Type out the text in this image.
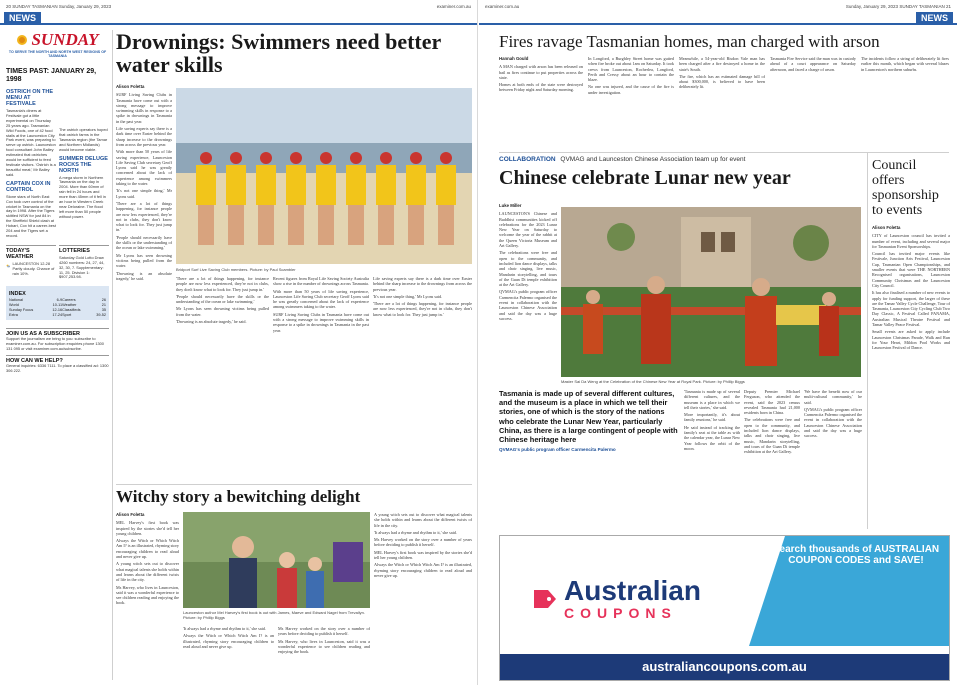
20 SUNDAY TASMANIAN Sunday, January 29, 2023	examiner.com.au
NEWS
SUNDAY
TO SERVE THE NORTH AND NORTH WEST REGIONS OF TASMANIA
TIMES PAST: JANUARY 29, 1998
OSTRICH ON THE MENU AT FESTIVALE
Tasmania's diners at Festivale got a little experimental on Thursday 25 years ago. Tasmanian Wild Foods, one of 42 food stalls at the Launceston City Park event, was preparing to serve up ostrich. Launceston food consultant John Bailey estimated that ostriches would be sufficient to feed festivale visitors. 'Ostrich is a beautiful meat,' Mr Bailey said.
CAPTAIN COX IN CONTROL
Stone stars of North East Cox took over control of the cricket in Tasmania on the day in 1998. After the Tigers skittled NSW for just 84 in the Sheffield Shield clash at Hobart, Cox hit a career-best 204 and the Tigers set a record.
The ostrich operators hoped that ostrich farms in the Tasmania region (the Tamar and Northern Midlands) would become viable.
SUMMER DELUGE ROCKS THE NORTH
A mega storm in Northern Tasmania on the day in 2004. More than 60mm of rain fell in 24 hours and more than 45mm of it fell in an hour in Western Creek near Deloraine. The flood left more than 50 people without power.
TODAY'S WEATHER
LAUNCESTON 12-28 Partly cloudy. Chance of rain 10%.
LOTTERIES
Saturday Gold Lotto Draw 4260 numbers: 24, 27, 44, 32, 30, 7. Supplementary: 11, 25. Division 1: $907,253.98.
INDEX
National	6-9	Careers	26
World	10-11	Weather	21
Sunday Focus	12-16	Classifieds	35
Extra	17-24	Sport	39-52
JOIN US AS A SUBSCRIBER
Support the journalism we bring to you: subscribe to examiner.com.au. For subscription enquiries phone 1300 131 095 or visit examiner.com.au/subscribe.
HOW CAN WE HELP?
General inquiries: 6336 7111. To place a classified ad: 1300 306 222.
Drownings: Swimmers need better water skills
Alison Foletta

SURF Living Saving Clubs in Tasmania have come out with a strong message to improve swimming skills in response to a spike in drownings in Tasmania in the past year.

Life saving experts say there is a dark time over Easter behind the sharp increase to the drownings from across the previous year.

With more than 50 years of life saving experience, Launceston Life Saving Club secretary Geoff Lyons said he was greatly concerned about the lack of experience among swimmers taking to the water.

'It's not one simple thing,' Mr Lyons said.

'There are a lot of things happening, for instance people are now less experienced, they're not in clubs, they don't know what to look for. They just jump in.'

'People should necessarily have the skills or the understanding of the ocean or lake swimming.'

Mr Lyons has seen drowning victims being pulled from the water.

'Drowning is an absolute tragedy,' he said.

Bridport Surf Live Saving Club members. Picture: by Paul Scambler

'There are a lot of things happening, for instance people are now less experienced, they're not in clubs, they don't know what to look for. They just jump in.'

'People should necessarily have the skills or the understanding of the ocean or lake swimming.'

Mr Lyons has seen drowning victims being pulled from the water.

'Drowning is an absolute tragedy,' he said.

Recent figures from Royal Life Saving Society Australia show a rise in the number of drownings across Tasmania.

With more than 50 years of life saving experience, Launceston Life Saving Club secretary Geoff Lyons said he was greatly concerned about the lack of experience among swimmers taking to the water.

SURF Living Saving Clubs in Tasmania have come out with a strong message to improve swimming skills in response to a spike in drownings in Tasmania in the past year.

Life saving experts say there is a dark time over Easter behind the sharp increase to the drownings from across the previous year.

'It's not one simple thing,' Mr Lyons said.

'There are a lot of things happening, for instance people are now less experienced, they're not in clubs, they don't know what to look for. They just jump in.'

Witchy story a bewitching delight
Alison Foletta

MEL Harvey's first book was inspired by the stories she'd tell her young children.

Always the Witch or Which Witch Am I? is an illustrated, rhyming story encouraging children to read aloud and never give up.

A young witch sets out to discover what magical talents she holds within and learns about the different twists of life in the city.

Ms Harvey, who lives in Launceston, said it was a wonderful experience to see children reading and enjoying the book.

Launceston author Mel Harvey's first book is out with James, Maeve and Edward Nagel from Trevallyn. Picture: by Phillip Biggs

'It always had a rhyme and rhythm to it,' she said.

Always the Witch or Which Witch Am I? is an illustrated, rhyming story encouraging children to read aloud and never give up.

Ms Harvey worked on the story over a number of years before deciding to publish it herself.

Ms Harvey, who lives in Launceston, said it was a wonderful experience to see children reading and enjoying the book.

A young witch sets out to discover what magical talents she holds within and learns about the different twists of life in the city.

'It always had a rhyme and rhythm to it,' she said.

Ms Harvey worked on the story over a number of years before deciding to publish it herself.

MEL Harvey's first book was inspired by the stories she'd tell her young children.

Always the Witch or Which Witch Am I? is an illustrated, rhyming story encouraging children to read aloud and never give up.

examiner.com.au	Sunday, January 29, 2023 SUNDAY TASMANIAN 21
NEWS
Fires ravage Tasmanian homes, man charged with arson
Hannah Gould

A MAN charged with arson has been released on bail as fires continue to put properties across the state.

Homes at both ends of the state were destroyed between Friday night and Saturday morning.

In Longford, a Burghley Street home was gutted when fire broke out about 1am on Saturday. It took crews from Launceston, Rocherlea, Longford, Perth and Cressy about an hour to contain the blaze.

No one was injured, and the cause of the fire is under investigation.

Meanwhile, a 54-year-old Risdon Vale man has been charged after a fire destroyed a home in the state's South.

The fire, which has an estimated damage bill of about $300,000, is believed to have been deliberately lit.

Tasmania Fire Service said the man was in custody ahead of a court appearance on Saturday afternoon, and faced a charge of arson.

The incidents follow a string of deliberately lit fires earlier this month, which began with several blazes in Launceston's northern suburbs.

COLLABORATION QVMAG and Launceston Chinese Association team up for event
Chinese celebrate Lunar new year
Luke Miller

LAUNCESTON'S Chinese and Buddhist communities kicked off celebrations for the 2023 Lunar New Year on Saturday to welcome the year of the rabbit at the Queen Victoria Museum and Art Gallery.

The celebrations were free and open to the community, and included lion dance displays, talks and choir singing, live music, Mandarin storytelling, and tours of the Guan Di temple exhibition at the Art Gallery.

QVMAG's public program officer Carmencita Palermo organised the event in collaboration with the Launceston Chinese Association and said the day was a huge success.

Master Sai Da Weng at the Celebration of the Chinese New Year at Royal Park. Picture: by Phillip Biggs
Tasmania is made up of several different cultures, and the museum is a place in which we tell their stories, one of which is the story of the nations who celebrate the Lunar New Year, particularly China, as there is a large contingent of people with Chinese heritage here
QVMAG's public program officer Carmencita Palermo

'Tasmania is made up of several different cultures, and the museum is a place in which we tell their stories,' she said.

More importantly, it's about family reunions,' he said.

He said instead of tracking the family's seat at the table as with the calendar year, the Lunar New Year follows the orbit of the moon.

Deputy Premier Michael Ferguson, who attended the event, said the 2023 census revealed Tasmania had 21,000 residents born in China.

The celebrations were free and open to the community, and included lion dance displays, talks and choir singing, live music, Mandarin storytelling, and tours of the Guan Di temple exhibition at the Art Gallery.

'We have the benefit now of our multi-cultural community,' he said.

QVMAG's public program officer Carmencita Palermo organised the event in collaboration with the Launceston Chinese Association and said the day was a huge success.

Council offers sponsorship to events
Alison Foletta

CITY of Launceston council has invited a number of event, including and several major for Tasmanian Event Sponsorships.

Council has invited major events like Festivale, Junction Arts Festival, Launceston Cup, Tasmanian Open Championships, and smaller events that were THE NORTHERN Recognised organisations, Launceston Community Christmas and the Launceston City Council.

It has also finalised a number of new events to apply for funding support, the larger of these are the Tamar Valley Cycle Challenge, Tour of Tasmania, Launceston City Cycling Club Two Day Classic, A Festival Called PANAMA, Australian Musical Theatre Festival and Tamar Valley Peace Festival.

Small events are asked to apply include Launceston Christmas Parade, Walk and Run for Your Heart, Mildon Pool Works and Launceston Festival of Dance.

Search thousands of AUSTRALIAN COUPON CODES and SAVE!
Australian
COUPONS
australiancoupons.com.au
